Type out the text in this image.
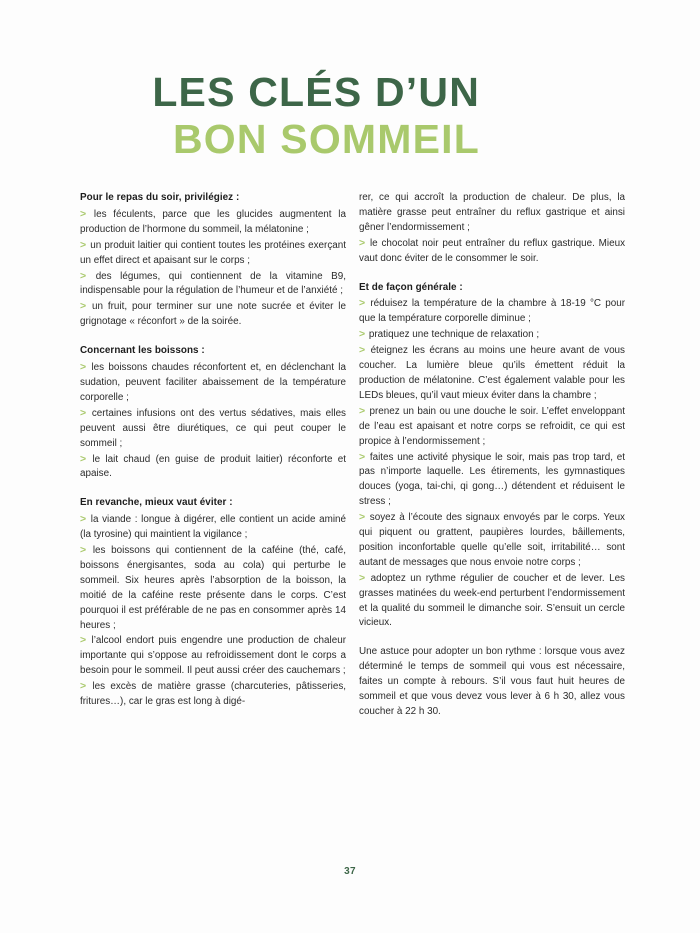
LES CLÉS D’UN
BON SOMMEIL
Pour le repas du soir, privilégiez :

> les féculents, parce que les glucides augmentent la production de l’hormone du sommeil, la mélatonine ;

> un produit laitier qui contient toutes les protéines exerçant un effet direct et apaisant sur le corps ;

> des légumes, qui contiennent de la vitamine B9, indispensable pour la régulation de l’humeur et de l’anxiété ;

> un fruit, pour terminer sur une note sucrée et éviter le grignotage « réconfort » de la soirée.

Concernant les boissons :

> les boissons chaudes réconfortent et, en déclenchant la sudation, peuvent faciliter abaissement de la température corporelle ;

> certaines infusions ont des vertus sédatives, mais elles peuvent aussi être diurétiques, ce qui peut couper le sommeil ;

> le lait chaud (en guise de produit laitier) réconforte et apaise.

En revanche, mieux vaut éviter :

> la viande : longue à digérer, elle contient un acide aminé (la tyrosine) qui maintient la vigilance ;

> les boissons qui contiennent de la caféine (thé, café, boissons énergisantes, soda au cola) qui perturbe le sommeil. Six heures après l’absorption de la boisson, la moitié de la caféine reste présente dans le corps. C’est pourquoi il est préférable de ne pas en consommer après 14 heures ;

> l’alcool endort puis engendre une production de chaleur importante qui s’oppose au refroidissement dont le corps a besoin pour le sommeil. Il peut aussi créer des cauchemars ;

> les excès de matière grasse (charcuteries, pâtisseries, fritures…), car le gras est long à digé-

rer, ce qui accroît la production de chaleur. De plus, la matière grasse peut entraîner du reflux gastrique et ainsi gêner l’endormissement ;

> le chocolat noir peut entraîner du reflux gastrique. Mieux vaut donc éviter de le consommer le soir.

Et de façon générale :

> réduisez la température de la chambre à 18-19 °C pour que la température corporelle diminue ;

> pratiquez une technique de relaxation ;

> éteignez les écrans au moins une heure avant de vous coucher. La lumière bleue qu’ils émettent réduit la production de mélatonine. C’est également valable pour les LEDs bleues, qu’il vaut mieux éviter dans la chambre ;

> prenez un bain ou une douche le soir. L’effet enveloppant de l’eau est apaisant et notre corps se refroidit, ce qui est propice à l’endormissement ;

> faites une activité physique le soir, mais pas trop tard, et pas n’importe laquelle. Les étirements, les gymnastiques douces (yoga, tai-chi, qi gong…) détendent et réduisent le stress ;

> soyez à l’écoute des signaux envoyés par le corps. Yeux qui piquent ou grattent, paupières lourdes, bâillements, position inconfortable quelle qu’elle soit, irritabilité… sont autant de messages que nous envoie notre corps ;

> adoptez un rythme régulier de coucher et de lever. Les grasses matinées du week-end perturbent l’endormissement et la qualité du sommeil le dimanche soir. S’ensuit un cercle vicieux.

Une astuce pour adopter un bon rythme : lorsque vous avez déterminé le temps de sommeil qui vous est nécessaire, faites un compte à rebours. S’il vous faut huit heures de sommeil et que vous devez vous lever à 6 h 30, allez vous coucher à 22 h 30.

37
